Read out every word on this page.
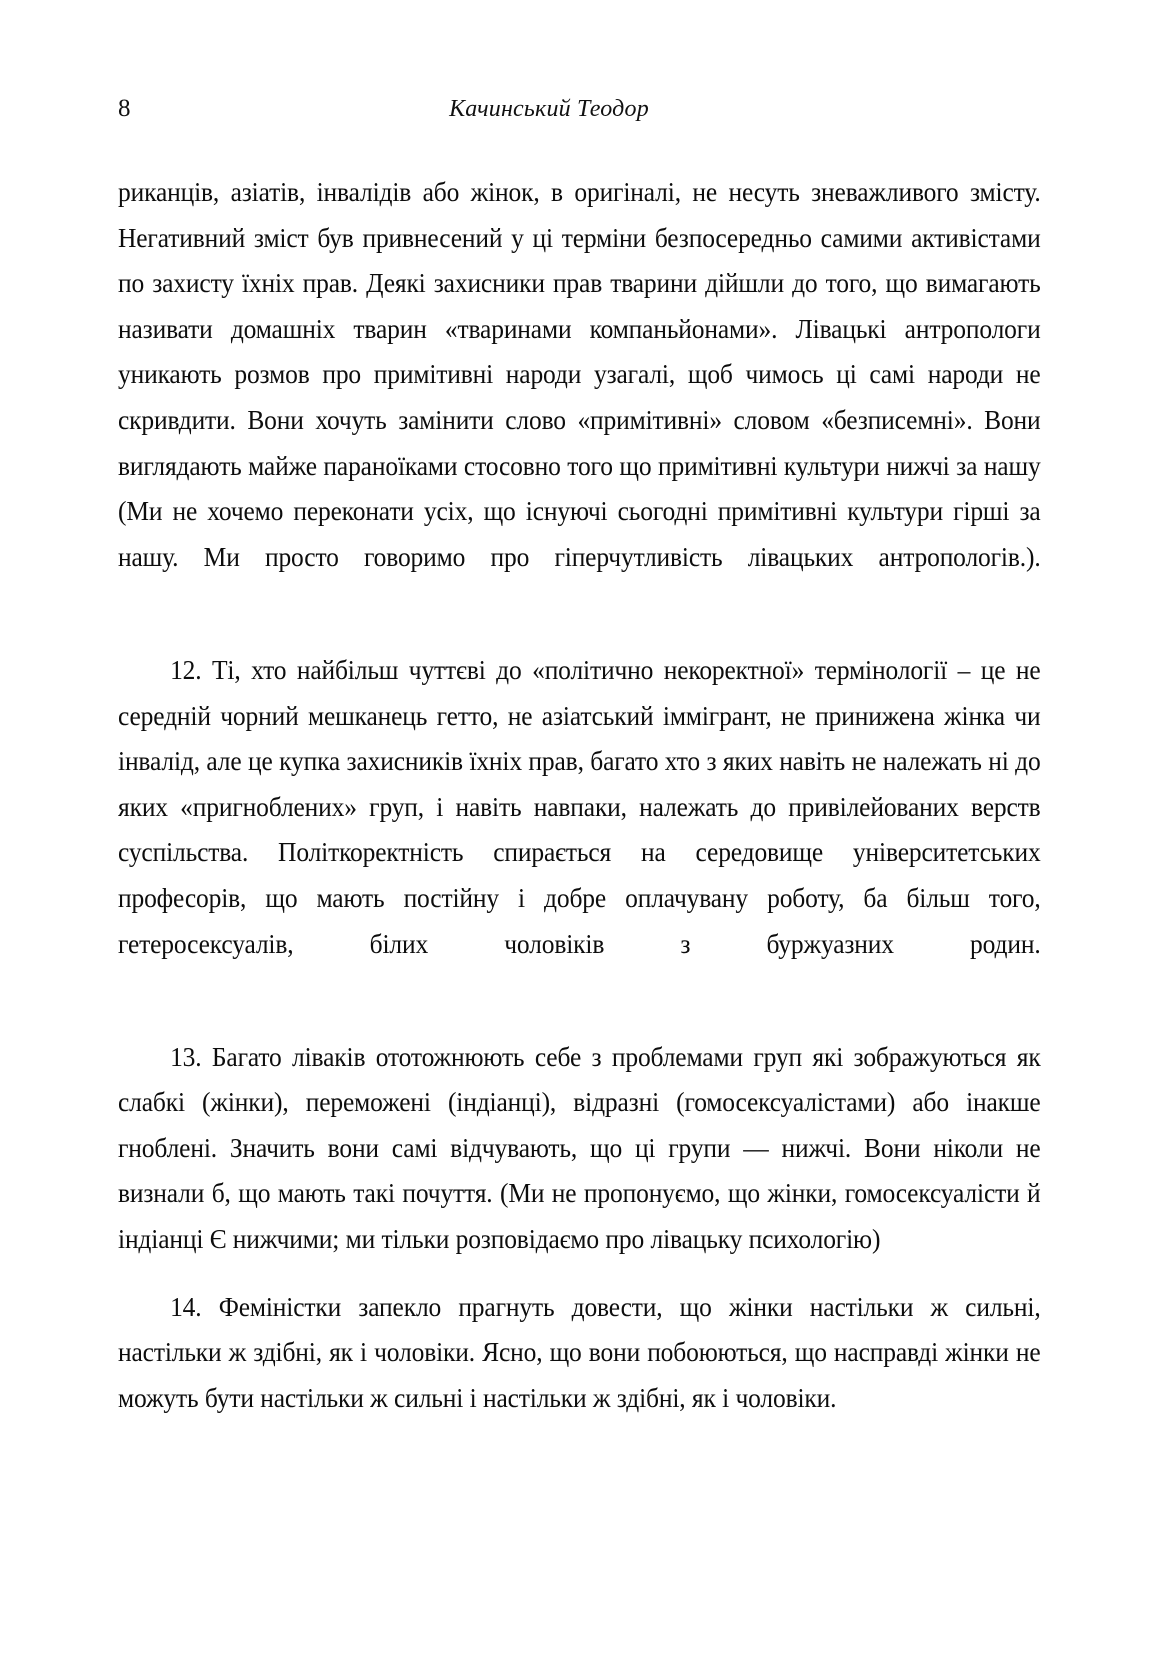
8	Качинський Теодор

риканців, азіатів, інвалідів або жінок, в оригіналі, не несуть зневажливого змісту. Негативний зміст був привнесений у ці терміни безпосередньо самими активістами по захисту їхніх прав. Деякі захисники прав тварини дійшли до того, що вимагають називати домашніх тварин «тваринами компаньйонами». Лівацькі антропологи уникають розмов про примітивні народи узагалі, щоб чимось ці самі народи не скривдити. Вони хочуть замінити слово «примітивні» словом «безписемні». Вони виглядають майже параноїками стосовно того що примітивні культури нижчі за нашу (Ми не хочемо переконати усіх, що існуючі сьогодні примітивні культури гірші за нашу. Ми просто говоримо про гіперчутливість лівацьких антропологів.).

12. Ті, хто найбільш чуттєві до «політично некоректної» термінології – це не середній чорний мешканець гетто, не азіатський іммігрант, не принижена жінка чи інвалід, але це купка захисників їхніх прав, багато хто з яких навіть не належать ні до яких «пригноблених» груп, і навіть навпаки, належать до привілейованих верств суспільства. Політкоректність спирається на середовище університетських професорів, що мають постійну і добре оплачувану роботу, ба більш того, гетеросексуалів, білих чоловіків з буржуазних родин.

13. Багато ліваків ототожнюють себе з проблемами груп які зображуються як слабкі (жінки), переможені (індіанці), відразні (гомосексуалістами) або інакше гноблені. Значить вони самі відчувають, що ці групи — нижчі. Вони ніколи не визнали б, що мають такі почуття. (Ми не пропонуємо, що жінки, гомосексуалісти й індіанці Є нижчими; ми тільки розповідаємо про лівацьку психологію)

14. Феміністки запекло прагнуть довести, що жінки настільки ж сильні, настільки ж здібні, як і чоловіки. Ясно, що вони побоюються, що насправді жінки не можуть бути настільки ж сильні і настільки ж здібні, як і чоловіки.
